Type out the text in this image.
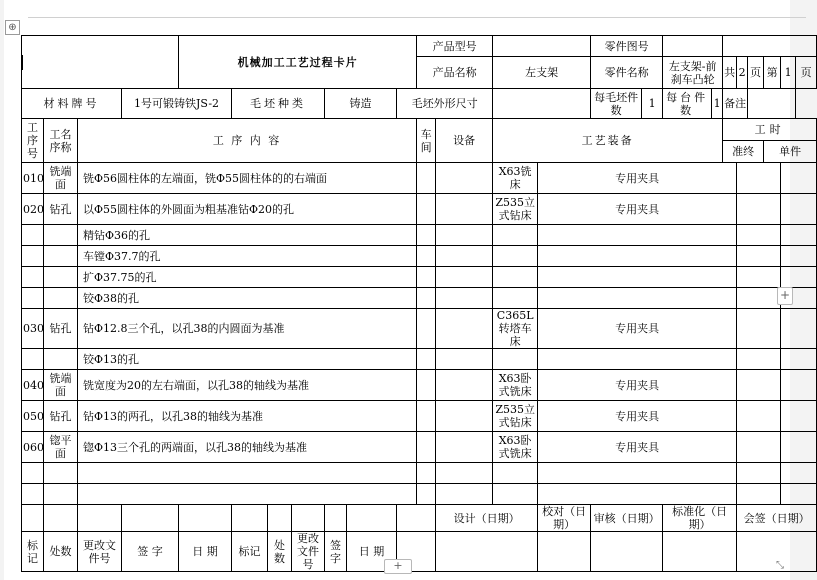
⊕
				机械加工工艺过程卡片							产品型号				零件图号									
											产品名称		左支架		零件名称		左支架-前刹车凸轮		共	2	页	第	1	页
材料牌号			1号可锻铸铁JS-2		毛坯种类			铸造		毛坯外形尺寸					每毛坯件数	1	每台件数	1	备注					
工序号	工名序称	工 序 内 容									车间	设备	工艺装备						工时					
																			准终			单件		
010	铣端面	铣Φ56圆柱体的左端面，铣Φ55圆柱体的的右端面											X63铣床	专用夹具										
020	钻孔	以Φ55圆柱体的外圆面为粗基准钻Φ20的孔											Z535立式钻床	专用夹具										
		精钻Φ36的孔																						
		车镗Φ37.7的孔																						
		扩Φ37.75的孔																						
		铰Φ38的孔																						
030	钻孔	钻Φ12.8三个孔，以孔38的内圆面为基准											C365L转塔车床	专用夹具										
		铰Φ13的孔																						
040	铣端面	铣宽度为20的左右端面，以孔38的轴线为基准											X63卧式铣床	专用夹具										
050	钻孔	钻Φ13的两孔，以孔38的轴线为基准											Z535立式钻床	专用夹具										
060	锪平面	锪Φ13三个孔的两端面，以孔38的轴线为基准											X63卧式铣床	专用夹具										

												设计（日期）		校对（日期）	审核（日期）		标准化（日期）			会签（日期）				
标记	处数	更改文件号	签 字	日 期	标记	处数	更改文件号	签 字	日 期															
+
+	⤡
